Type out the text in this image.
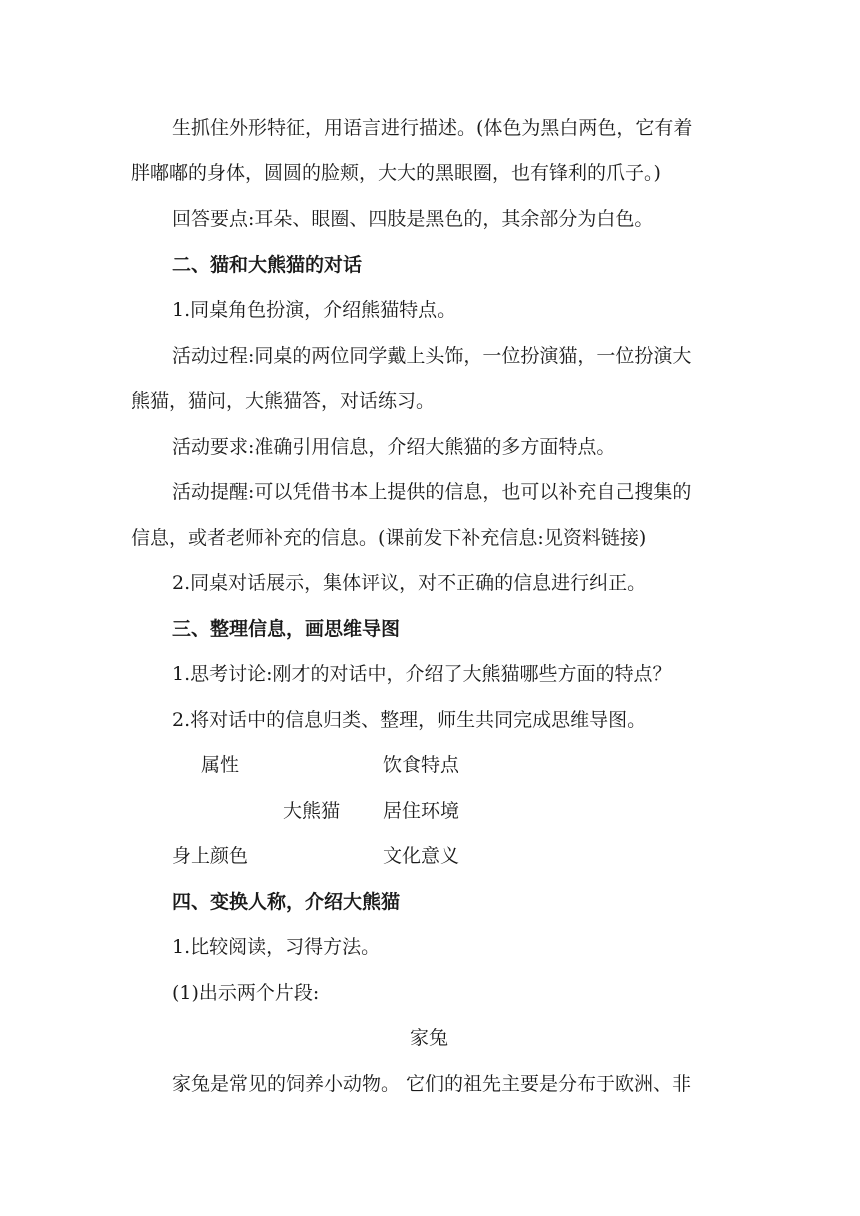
生抓住外形特征，用语言进行描述。(体色为黑白两色，它有着
胖嘟嘟的身体，圆圆的脸颊，大大的黑眼圈，也有锋利的爪子。)
回答要点:耳朵、眼圈、四肢是黑色的，其余部分为白色。
二、猫和大熊猫的对话
1.同桌角色扮演，介绍熊猫特点。
活动过程:同桌的两位同学戴上头饰，一位扮演猫，一位扮演大
熊猫，猫问，大熊猫答，对话练习。
活动要求:准确引用信息，介绍大熊猫的多方面特点。
活动提醒:可以凭借书本上提供的信息，也可以补充自己搜集的
信息，或者老师补充的信息。(课前发下补充信息:见资料链接)
2.同桌对话展示，集体评议，对不正确的信息进行纠正。
三、整理信息，画思维导图
1.思考讨论:刚才的对话中，介绍了大熊猫哪些方面的特点？
2.将对话中的信息归类、整理，师生共同完成思维导图。
属性	饮食特点
大熊猫 居住环境
身上颜色	文化意义
四、变换人称，介绍大熊猫
1.比较阅读，习得方法。
(1)出示两个片段:
家兔
家兔是常见的饲养小动物。 它们的祖先主要是分布于欧洲、非
